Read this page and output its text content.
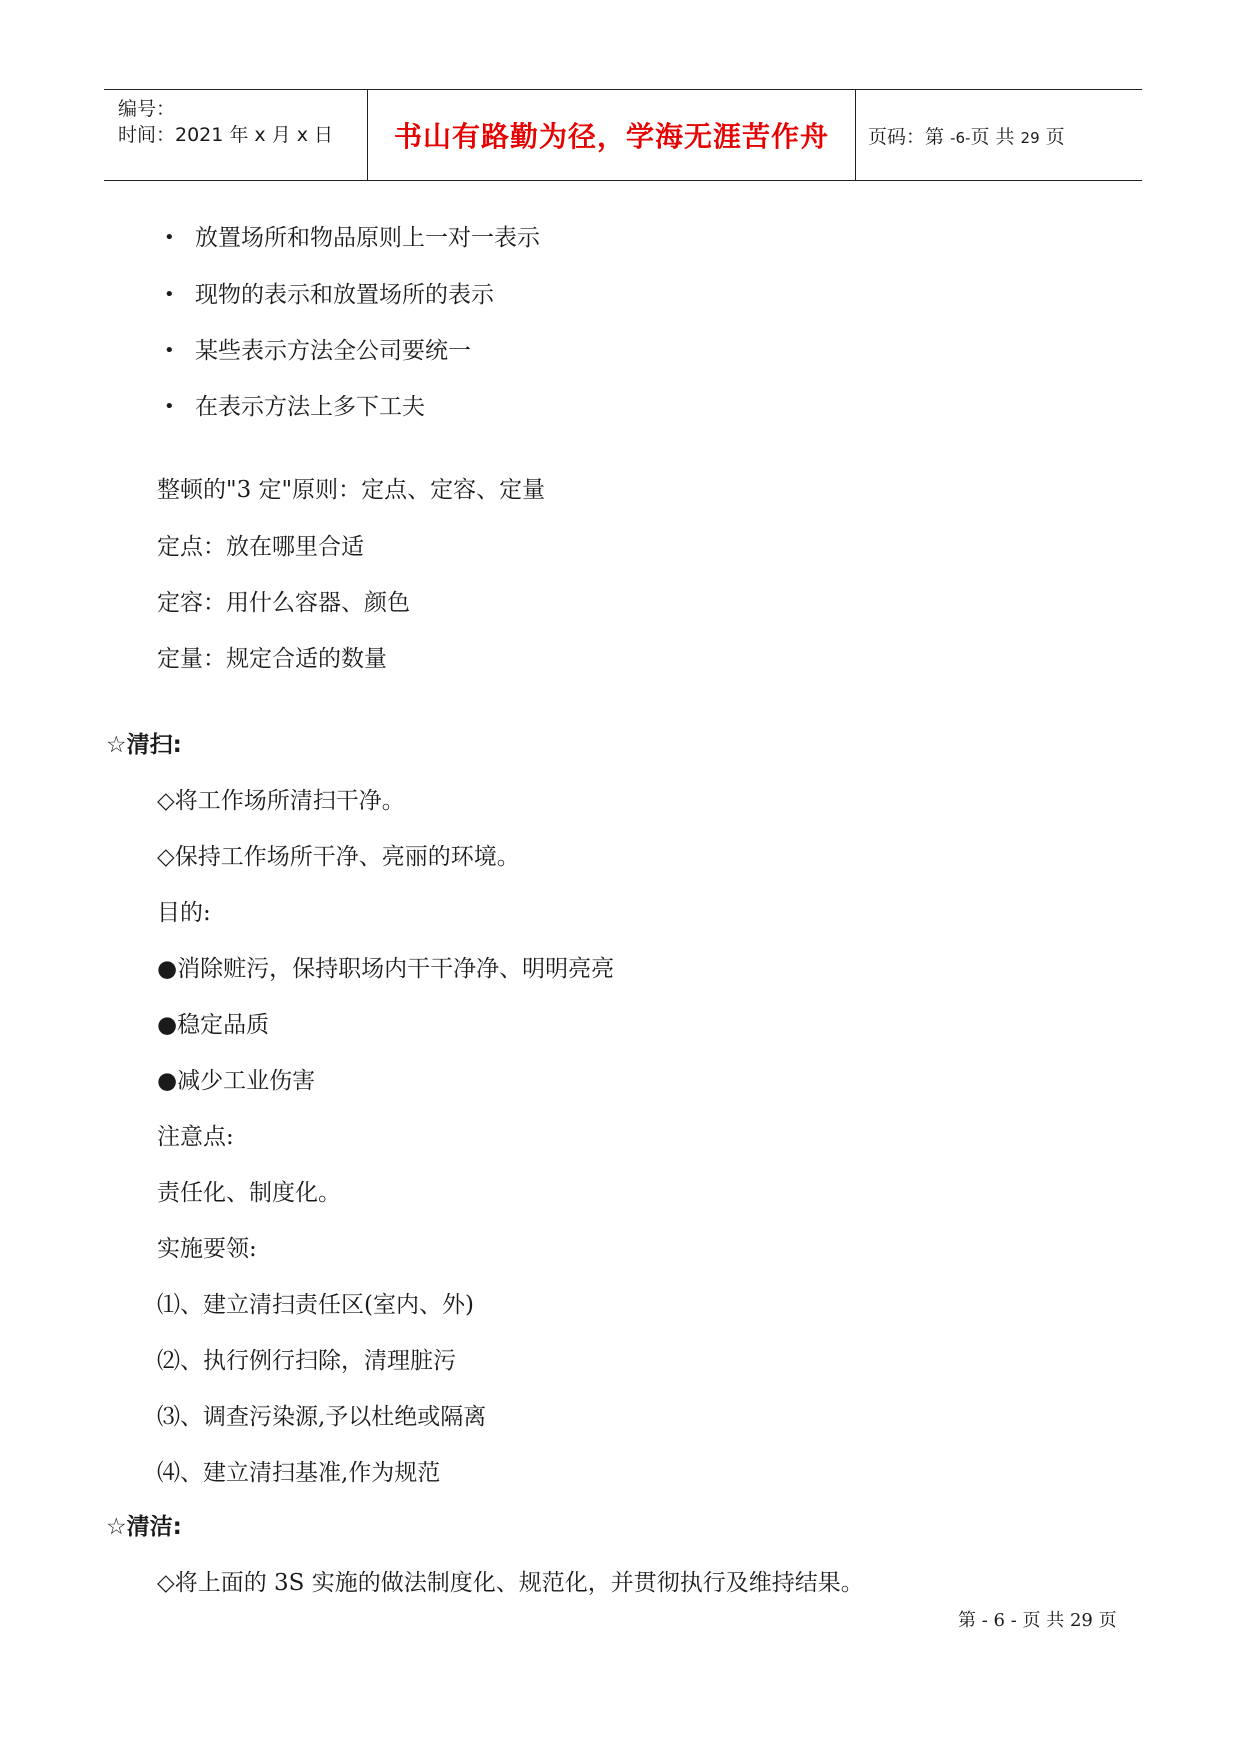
编号：
时间：2021 年 x 月 x 日 书山有路勤为径，学海无涯苦作舟 页码：第 -6-页 共 29 页
• 放置场所和物品原则上一对一表示
• 现物的表示和放置场所的表示
• 某些表示方法全公司要统一
• 在表示方法上多下工夫
整顿的"3 定"原则：定点、定容、定量
定点：放在哪里合适
定容：用什么容器、颜色
定量：规定合适的数量
☆清扫:
◇将工作场所清扫干净。
◇保持工作场所干净、亮丽的环境。
目的:
●消除赃污，保持职场内干干净净、明明亮亮
●稳定品质
●减少工业伤害
注意点:
责任化、制度化。
实施要领:
⑴、建立清扫责任区(室内、外)
⑵、执行例行扫除，清理脏污
⑶、调查污染源,予以杜绝或隔离
⑷、建立清扫基准,作为规范
☆清洁:
◇将上面的 3S 实施的做法制度化、规范化，并贯彻执行及维持结果。
第 - 6 - 页 共 29 页
